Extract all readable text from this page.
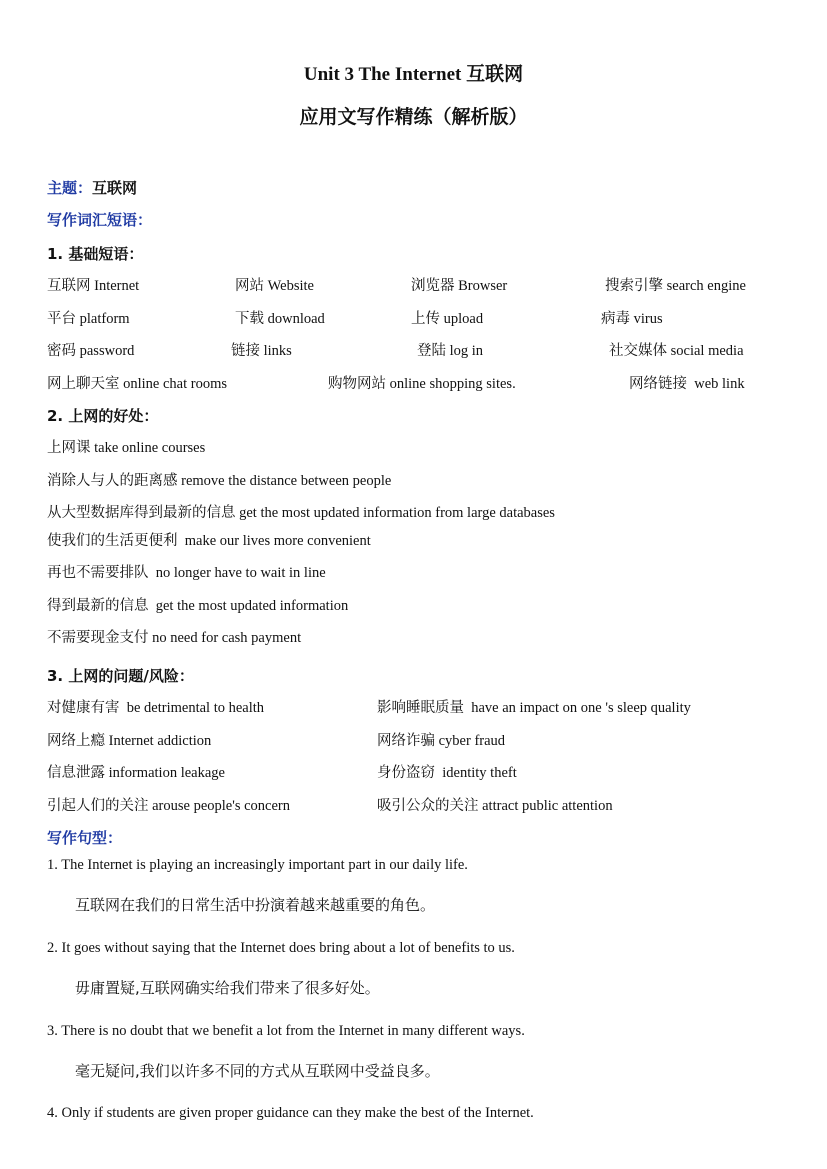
Unit 3 The Internet 互联网
应用文写作精练（解析版）
主题：互联网
写作词汇短语：
1. 基础短语：
互联网 Internet	网站 Website	浏览器 Browser	搜索引擎 search engine
平台 platform	下载 download	上传 upload	病毒 virus
密码 password	链接 links	登陆 log in	社交媒体 social media
网上聊天室 online chat rooms	购物网站 online shopping sites.	网络链接  web link
2. 上网的好处：
上网课 take online courses
消除人与人的距离感 remove the distance between people
从大型数据库得到最新的信息 get the most updated information from large databases
使我们的生活更便利  make our lives more convenient
再也不需要排队  no longer have to wait in line
得到最新的信息  get the most updated information
不需要现金支付 no need for cash payment
3. 上网的问题/风险：
对健康有害  be detrimental to health	影响睡眠质量  have an impact on one 's sleep quality
网络上瘾 Internet addiction	网络诈骗 cyber fraud
信息泄露 information leakage	身份盗窃  identity theft
引起人们的关注 arouse people's concern	吸引公众的关注 attract public attention
写作句型：
1. The Internet is playing an increasingly important part in our daily life.
互联网在我们的日常生活中扮演着越来越重要的角色。
2. It goes without saying that the Internet does bring about a lot of benefits to us.
毋庸置疑,互联网确实给我们带来了很多好处。
3. There is no doubt that we benefit a lot from the Internet in many different ways.
毫无疑问,我们以许多不同的方式从互联网中受益良多。
4. Only if students are given proper guidance can they make the best of the Internet.
